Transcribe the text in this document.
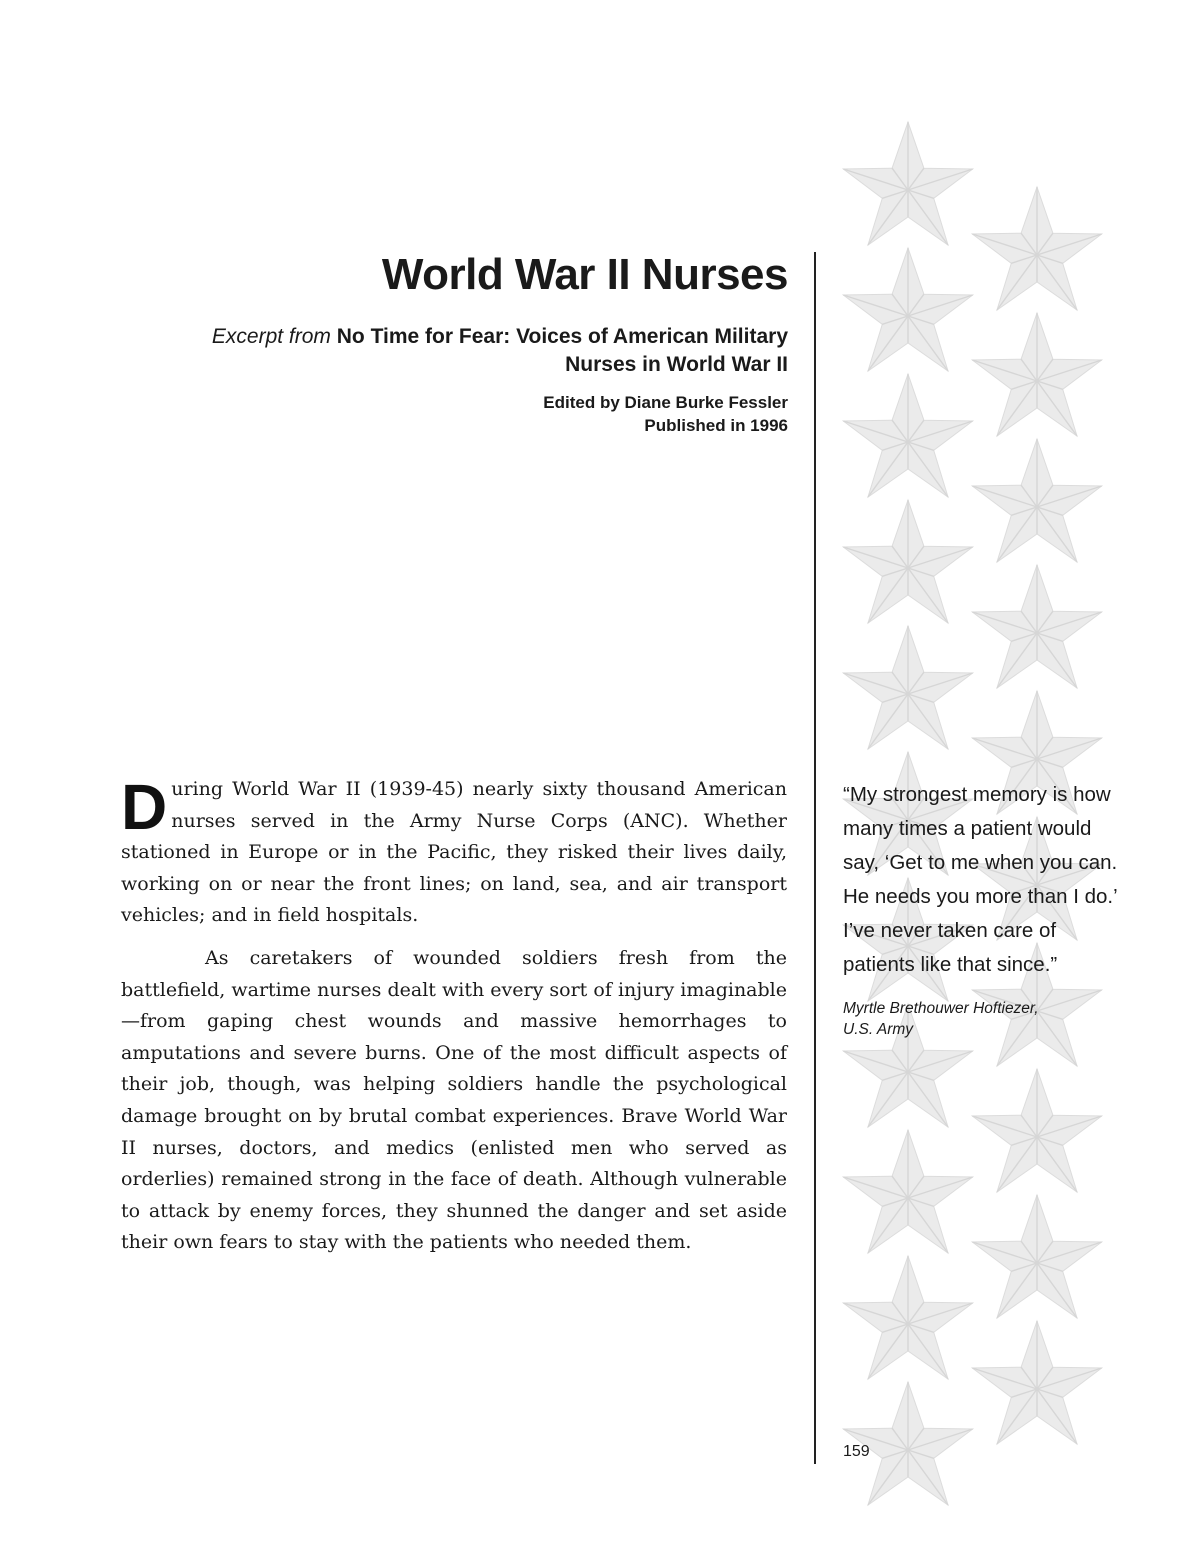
World War II Nurses

Excerpt from No Time for Fear: Voices of American Military
Nurses in World War II

Edited by Diane Burke Fessler

Published in 1996

During World War II (1939-45) nearly sixty thousand American nurses served in the Army Nurse Corps (ANC). Whether stationed in Europe or in the Pacific, they risked their lives daily, working on or near the front lines; on land, sea, and air transport vehicles; and in field hospitals.

As caretakers of wounded soldiers fresh from the battlefield, wartime nurses dealt with every sort of injury imaginable—from gaping chest wounds and massive hemorrhages to amputations and severe burns. One of the most difficult aspects of their job, though, was helping soldiers handle the psychological damage brought on by brutal combat experiences. Brave World War II nurses, doctors, and medics (enlisted men who served as orderlies) remained strong in the face of death. Although vulnerable to attack by enemy forces, they shunned the danger and set aside their own fears to stay with the patients who needed them.

“My strongest memory is how many times a patient would say, ‘Get to me when you can. He needs you more than I do.’ I’ve never taken care of patients like that since.”

Myrtle Brethouwer Hoftiezer,
U.S. Army

159
